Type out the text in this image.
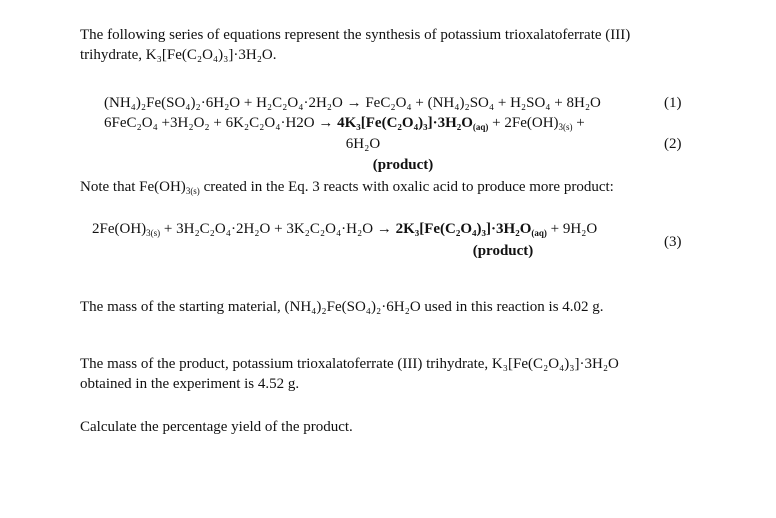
The following series of equations represent the synthesis of potassium trioxalatoferrate (III)
trihydrate, K₃[Fe(C₂O₄)₃]·3H₂O.
(NH₄)₂Fe(SO₄)₂·6H₂O + H₂C₂O₄·2H₂O → FeC₂O₄ + (NH₄)₂SO₄ + H₂SO₄ + 8H₂O	(1)
$6FeC_2O_4 +3H_2O_2 + 6K_2C_2O_4\cdot H2O \to 4K_3[Fe(C_2O_4)_3]\cdot 3H_2O_{(aq)} + 2Fe(OH)_{3(s)}$ +
6H₂O	(2)
(product)
Note that $Fe(OH)_{3(s)}$ created in the Eq. 3 reacts with oxalic acid to produce more product:
$2Fe(OH)_{3(s)} + 3H_2C_2O_4\cdot 2H_2O + 3K_2C_2O_4\cdot H_2O \to 2K_3[Fe(C_2O_4)_3]\cdot 3H_2O_{(aq)} + 9H_2O$
(product)
(3)
The mass of the starting material, (NH₄)₂Fe(SO₄)₂·6H₂O used in this reaction is 4.02 g.
The mass of the product, potassium trioxalatoferrate (III) trihydrate, K₃[Fe(C₂O₄)₃]·3H₂O
obtained in the experiment is 4.52 g.
Calculate the percentage yield of the product.
